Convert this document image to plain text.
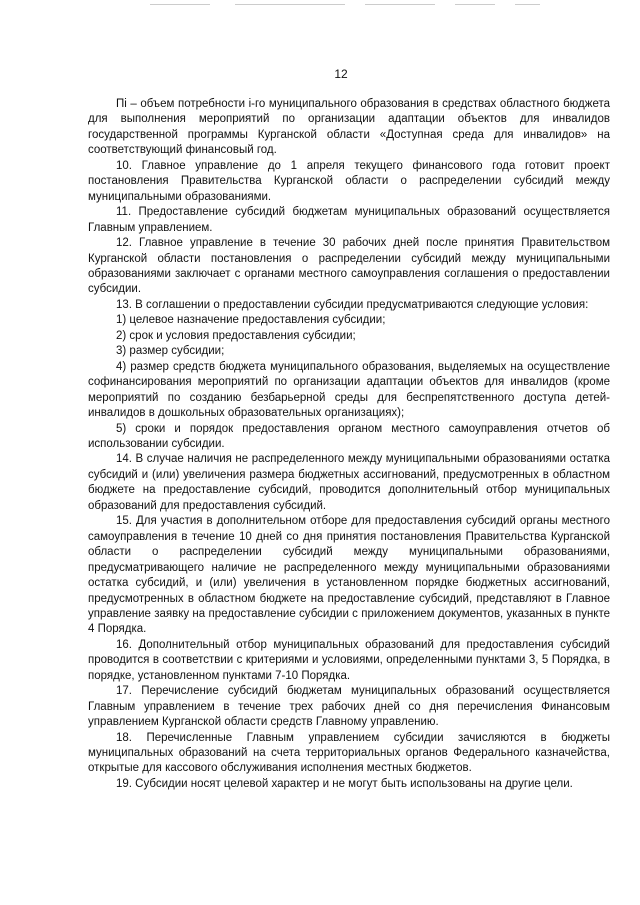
12

Пi – объем потребности i-го муниципального образования в средствах областного бюджета для выполнения мероприятий по организации адаптации объектов для инвалидов государственной программы Курганской области «Доступная среда для инвалидов» на соответствующий финансовый год.

10. Главное управление до 1 апреля текущего финансового года готовит проект постановления Правительства Курганской области о распределении субсидий между муниципальными образованиями.

11. Предоставление субсидий бюджетам муниципальных образований осуществляется Главным управлением.

12. Главное управление в течение 30 рабочих дней после принятия Правительством Курганской области постановления о распределении субсидий между муниципальными образованиями заключает с органами местного самоуправления соглашения о предоставлении субсидии.

13. В соглашении о предоставлении субсидии предусматриваются следующие условия:

1) целевое назначение предоставления субсидии;

2) срок и условия предоставления субсидии;

3) размер субсидии;

4) размер средств бюджета муниципального образования, выделяемых на осуществление софинансирования мероприятий по организации адаптации объектов для инвалидов (кроме мероприятий по созданию безбарьерной среды для беспрепятственного доступа детей-инвалидов в дошкольных образовательных организациях);

5) сроки и порядок предоставления органом местного самоуправления отчетов об использовании субсидии.

14. В случае наличия не распределенного между муниципальными образованиями остатка субсидий и (или) увеличения размера бюджетных ассигнований, предусмотренных в областном бюджете на предоставление субсидий, проводится дополнительный отбор муниципальных образований для предоставления субсидий.

15. Для участия в дополнительном отборе для предоставления субсидий органы местного самоуправления в течение 10 дней со дня принятия постановления Правительства Курганской области о распределении субсидий между муниципальными образованиями, предусматривающего наличие не распределенного между муниципальными образованиями остатка субсидий, и (или) увеличения в установленном порядке бюджетных ассигнований, предусмотренных в областном бюджете на предоставление субсидий, представляют в Главное управление заявку на предоставление субсидии с приложением документов, указанных в пункте 4 Порядка.

16. Дополнительный отбор муниципальных образований для предоставления субсидий проводится в соответствии с критериями и условиями, определенными пунктами 3, 5 Порядка, в порядке, установленном пунктами 7-10 Порядка.

17. Перечисление субсидий бюджетам муниципальных образований осуществляется Главным управлением в течение трех рабочих дней со дня перечисления Финансовым управлением Курганской области средств Главному управлению.

18. Перечисленные Главным управлением субсидии зачисляются в бюджеты муниципальных образований на счета территориальных органов Федерального казначейства, открытые для кассового обслуживания исполнения местных бюджетов.

19. Субсидии носят целевой характер и не могут быть использованы на другие цели.
